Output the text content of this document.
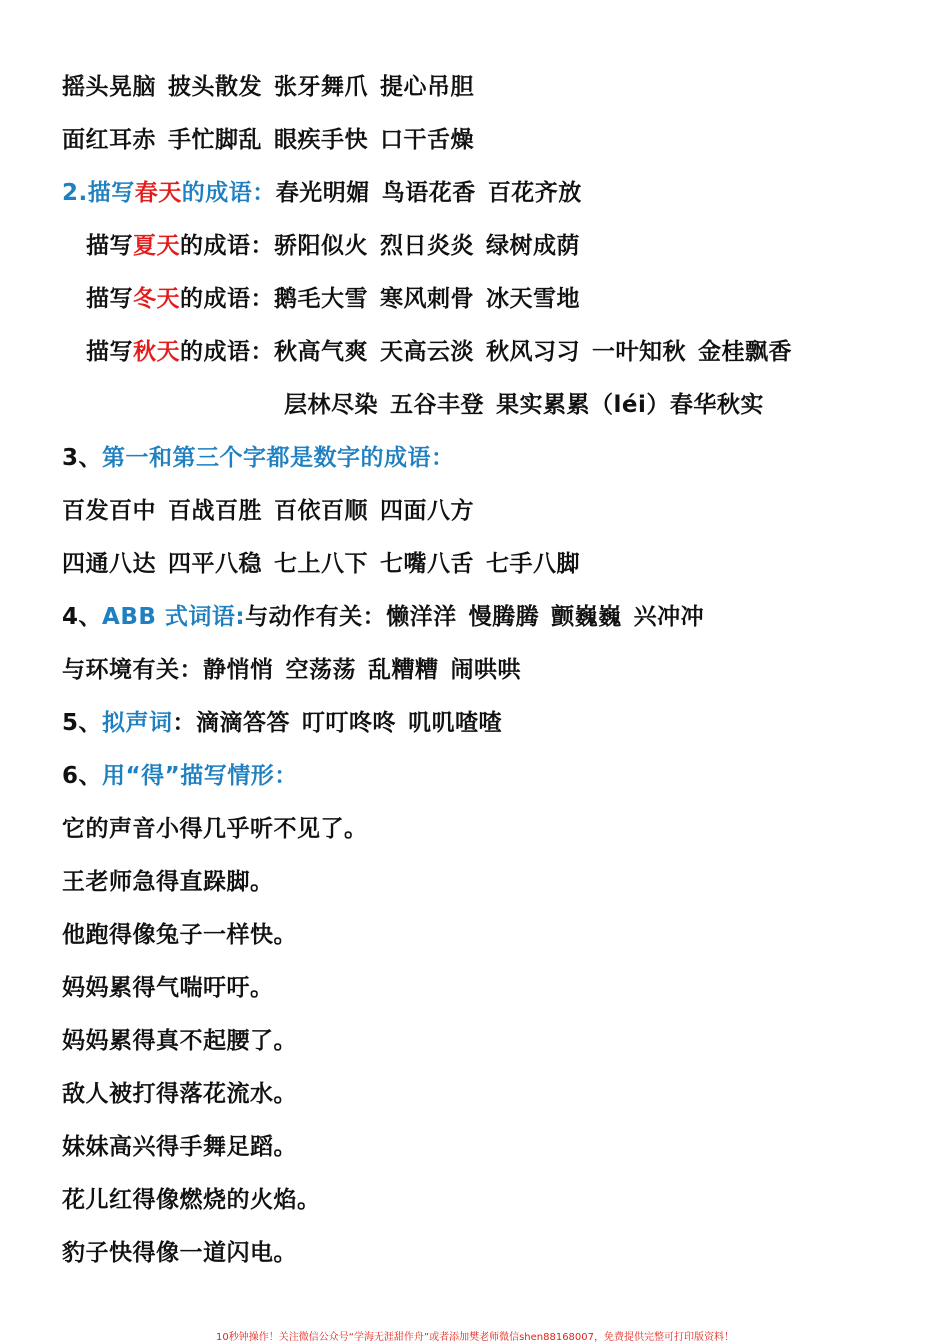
摇头晃脑 披头散发 张牙舞爪 提心吊胆
面红耳赤 手忙脚乱 眼疾手快 口干舌燥
2.描写春天的成语：春光明媚 鸟语花香 百花齐放
描写夏天的成语：骄阳似火 烈日炎炎 绿树成荫
描写冬天的成语：鹅毛大雪 寒风刺骨 冰天雪地
描写秋天的成语：秋高气爽 天高云淡 秋风习习 一叶知秋 金桂飘香
层林尽染 五谷丰登 果实累累（léi）春华秋实
3、第一和第三个字都是数字的成语：
百发百中 百战百胜 百依百顺 四面八方
四通八达 四平八稳 七上八下 七嘴八舌 七手八脚
4、ABB 式词语:与动作有关：懒洋洋 慢腾腾 颤巍巍 兴冲冲
与环境有关：静悄悄 空荡荡 乱糟糟 闹哄哄
5、拟声词：滴滴答答 叮叮咚咚 叽叽喳喳
6、用“得”描写情形：
它的声音小得几乎听不见了。
王老师急得直跺脚。
他跑得像兔子一样快。
妈妈累得气喘吁吁。
妈妈累得真不起腰了。
敌人被打得落花流水。
妹妹高兴得手舞足蹈。
花儿红得像燃烧的火焰。
豹子快得像一道闪电。
10秒钟操作！关注微信公众号“学海无涯甜作舟”或者添加樊老师微信shen88168007，免费提供完整可打印版资料！
